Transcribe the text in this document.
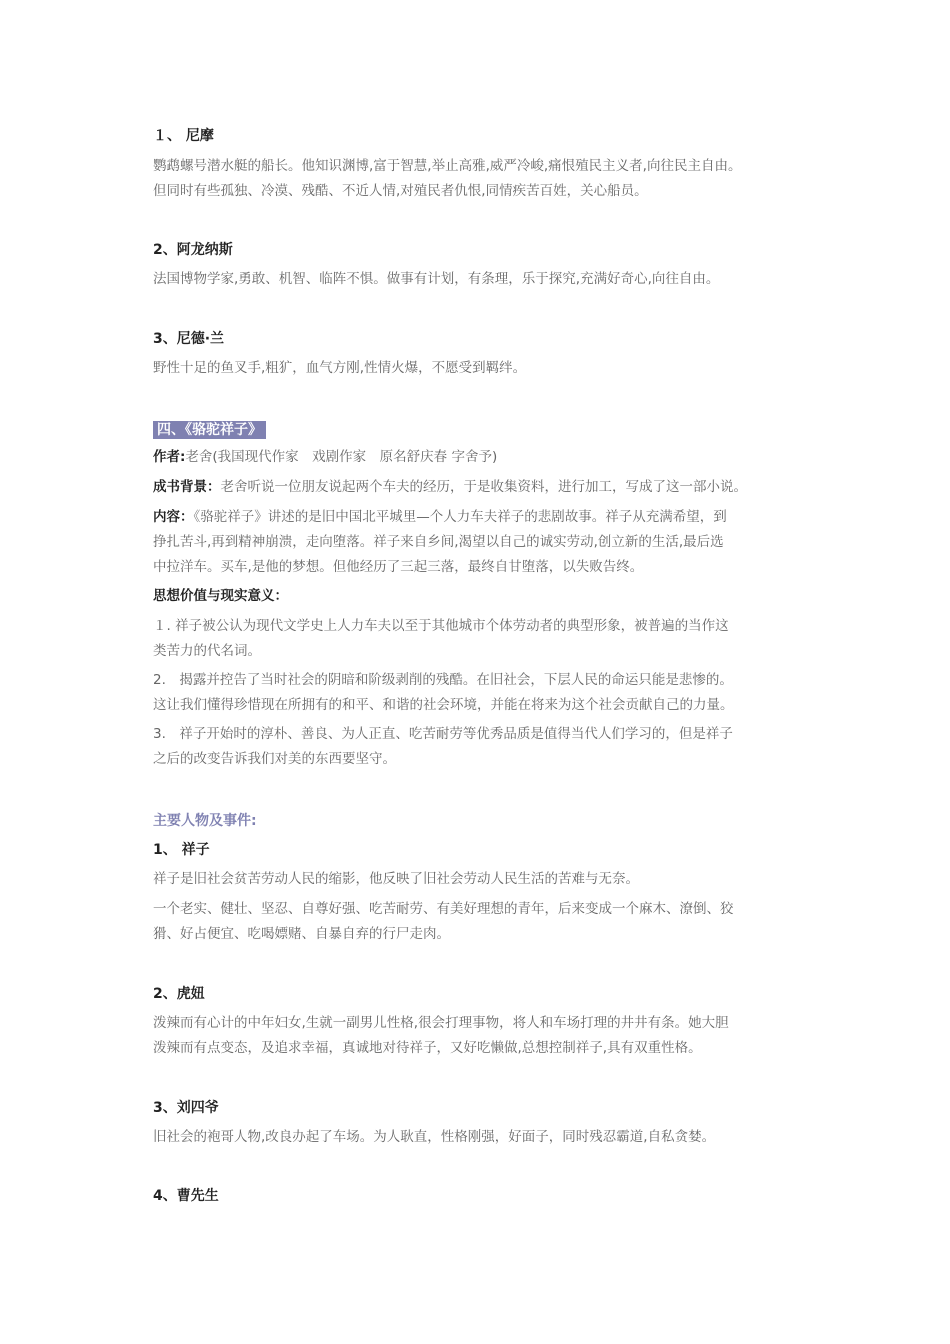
１、 尼摩
鹦鹉螺号潜水艇的船长。他知识渊博,富于智慧,举止高雅,威严冷峻,痛恨殖民主义者,向往民主自由。
但同时有些孤独、冷漠、残酷、不近人情,对殖民者仇恨,同情疾苦百姓，关心船员。
2、阿龙纳斯
法国博物学家,勇敢、机智、临阵不惧。做事有计划，有条理，乐于探究,充满好奇心,向往自由。
3、尼德·兰
野性十足的鱼叉手,粗犷，血气方刚,性情火爆，不愿受到羁绊。
四、《骆驼祥子》
作者:老舍(我国现代作家　戏剧作家　原名舒庆春 字舍予)
成书背景：老舍听说一位朋友说起两个车夫的经历，于是收集资料，进行加工，写成了这一部小说。
内容：《骆驼祥子》讲述的是旧中国北平城里—个人力车夫祥子的悲剧故事。祥子从充满希望，到
挣扎苦斗,再到精神崩溃，走向堕落。祥子来自乡间,渴望以自己的诚实劳动,创立新的生活,最后选
中拉洋车。买车,是他的梦想。但他经历了三起三落，最终自甘堕落，以失败告终。
思想价值与现实意义：
１. 祥子被公认为现代文学史上人力车夫以至于其他城市个体劳动者的典型形象，被普遍的当作这
类苦力的代名词。
2.　揭露并控告了当时社会的阴暗和阶级剥削的残酷。在旧社会，下层人民的命运只能是悲惨的。
这让我们懂得珍惜现在所拥有的和平、和谐的社会环境，并能在将来为这个社会贡献自己的力量。
3.　祥子开始时的淳朴、善良、为人正直、吃苦耐劳等优秀品质是值得当代人们学习的，但是祥子
之后的改变告诉我们对美的东西要坚守。
主要人物及事件:
1、 祥子
祥子是旧社会贫苦劳动人民的缩影，他反映了旧社会劳动人民生活的苦难与无奈。
一个老实、健壮、坚忍、自尊好强、吃苦耐劳、有美好理想的青年，后来变成一个麻木、潦倒、狡
猾、好占便宜、吃喝嫖赌、自暴自弃的行尸走肉。
2、虎妞
泼辣而有心计的中年妇女,生就一副男儿性格,很会打理事物，将人和车场打理的井井有条。她大胆
泼辣而有点变态，及追求幸福，真诚地对待祥子，又好吃懒做,总想控制祥子,具有双重性格。
3、刘四爷
旧社会的袍哥人物,改良办起了车场。为人耿直，性格刚强，好面子，同时残忍霸道,自私贪婪。
4、曹先生
